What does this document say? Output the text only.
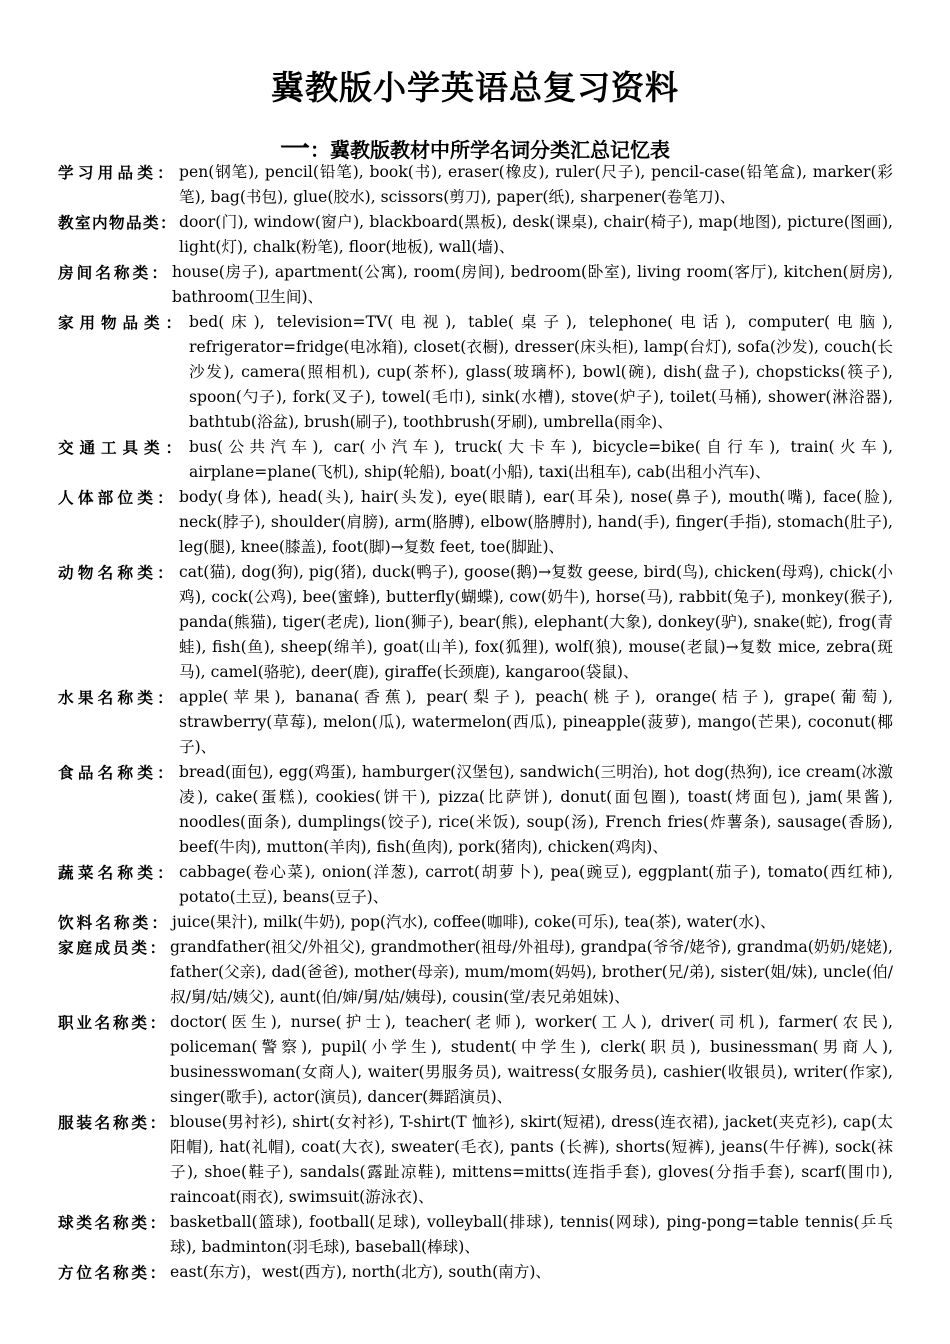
冀教版小学英语总复习资料
一：冀教版教材中所学名词分类汇总记忆表
学习用品类： pen(钢笔), pencil(铅笔), book(书), eraser(橡皮), ruler(尺子), pencil-case(铅笔盒), marker(彩笔), bag(书包), glue(胶水), scissors(剪刀), paper(纸), sharpener(卷笔刀)、
教室内物品类： door(门), window(窗户), blackboard(黑板), desk(课桌), chair(椅子), map(地图), picture(图画), light(灯), chalk(粉笔), floor(地板), wall(墙)、
房间名称类： house(房子), apartment(公寓), room(房间), bedroom(卧室), living room(客厅), kitchen(厨房), bathroom(卫生间)、
家用物品类： bed(床), television=TV(电视), table(桌子), telephone(电话), computer(电脑), refrigerator=fridge(电冰箱), closet(衣橱), dresser(床头柜), lamp(台灯), sofa(沙发), couch(长沙发), camera(照相机), cup(茶杯), glass(玻璃杯), bowl(碗), dish(盘子), chopsticks(筷子), spoon(勺子), fork(叉子), towel(毛巾), sink(水槽), stove(炉子), toilet(马桶), shower(淋浴器), bathtub(浴盆), brush(刷子), toothbrush(牙刷), umbrella(雨伞)、
交通工具类： bus(公共汽车), car(小汽车), truck(大卡车), bicycle=bike(自行车), train(火车), airplane=plane(飞机), ship(轮船), boat(小船), taxi(出租车), cab(出租小汽车)、
人体部位类： body(身体), head(头), hair(头发), eye(眼睛), ear(耳朵), nose(鼻子), mouth(嘴), face(脸), neck(脖子), shoulder(肩膀), arm(胳膊), elbow(胳膊肘), hand(手), finger(手指), stomach(肚子), leg(腿), knee(膝盖), foot(脚)→复数 feet, toe(脚趾)、
动物名称类： cat(猫), dog(狗), pig(猪), duck(鸭子), goose(鹅)→复数 geese, bird(鸟), chicken(母鸡), chick(小鸡), cock(公鸡), bee(蜜蜂), butterfly(蝴蝶), cow(奶牛), horse(马), rabbit(兔子), monkey(猴子), panda(熊猫), tiger(老虎), lion(狮子), bear(熊), elephant(大象), donkey(驴), snake(蛇), frog(青蛙), fish(鱼), sheep(绵羊), goat(山羊), fox(狐狸), wolf(狼), mouse(老鼠)→复数 mice, zebra(斑马), camel(骆驼), deer(鹿), giraffe(长颈鹿), kangaroo(袋鼠)、
水果名称类： apple(苹果), banana(香蕉), pear(梨子), peach(桃子), orange(桔子), grape(葡萄), strawberry(草莓), melon(瓜), watermelon(西瓜), pineapple(菠萝), mango(芒果), coconut(椰子)、
食品名称类： bread(面包), egg(鸡蛋), hamburger(汉堡包), sandwich(三明治), hot dog(热狗), ice cream(冰激凌), cake(蛋糕), cookies(饼干), pizza(比萨饼), donut(面包圈), toast(烤面包), jam(果酱), noodles(面条), dumplings(饺子), rice(米饭), soup(汤), French fries(炸薯条), sausage(香肠), beef(牛肉), mutton(羊肉), fish(鱼肉), pork(猪肉), chicken(鸡肉)、
蔬菜名称类： cabbage(卷心菜), onion(洋葱), carrot(胡萝卜), pea(豌豆), eggplant(茄子), tomato(西红柿), potato(土豆), beans(豆子)、
饮料名称类： juice(果汁), milk(牛奶), pop(汽水), coffee(咖啡), coke(可乐), tea(茶), water(水)、
家庭成员类： grandfather(祖父/外祖父), grandmother(祖母/外祖母), grandpa(爷爷/姥爷), grandma(奶奶/姥姥), father(父亲), dad(爸爸), mother(母亲), mum/mom(妈妈), brother(兄/弟), sister(姐/妹), uncle(伯/叔/舅/姑/姨父), aunt(伯/婶/舅/姑/姨母), cousin(堂/表兄弟姐妹)、
职业名称类： doctor(医生), nurse(护士), teacher(老师), worker(工人), driver(司机), farmer(农民), policeman(警察), pupil(小学生), student(中学生), clerk(职员), businessman(男商人), businesswoman(女商人), waiter(男服务员), waitress(女服务员), cashier(收银员), writer(作家), singer(歌手), actor(演员), dancer(舞蹈演员)、
服装名称类： blouse(男衬衫), shirt(女衬衫), T-shirt(T 恤衫), skirt(短裙), dress(连衣裙), jacket(夹克衫), cap(太阳帽), hat(礼帽), coat(大衣), sweater(毛衣), pants (长裤), shorts(短裤), jeans(牛仔裤), sock(袜子), shoe(鞋子), sandals(露趾凉鞋), mittens=mitts(连指手套), gloves(分指手套), scarf(围巾), raincoat(雨衣), swimsuit(游泳衣)、
球类名称类： basketball(篮球), football(足球), volleyball(排球), tennis(网球), ping-pong=table tennis(乒乓球), badminton(羽毛球), baseball(棒球)、
方位名称类： east(东方)，west(西方), north(北方), south(南方)、
